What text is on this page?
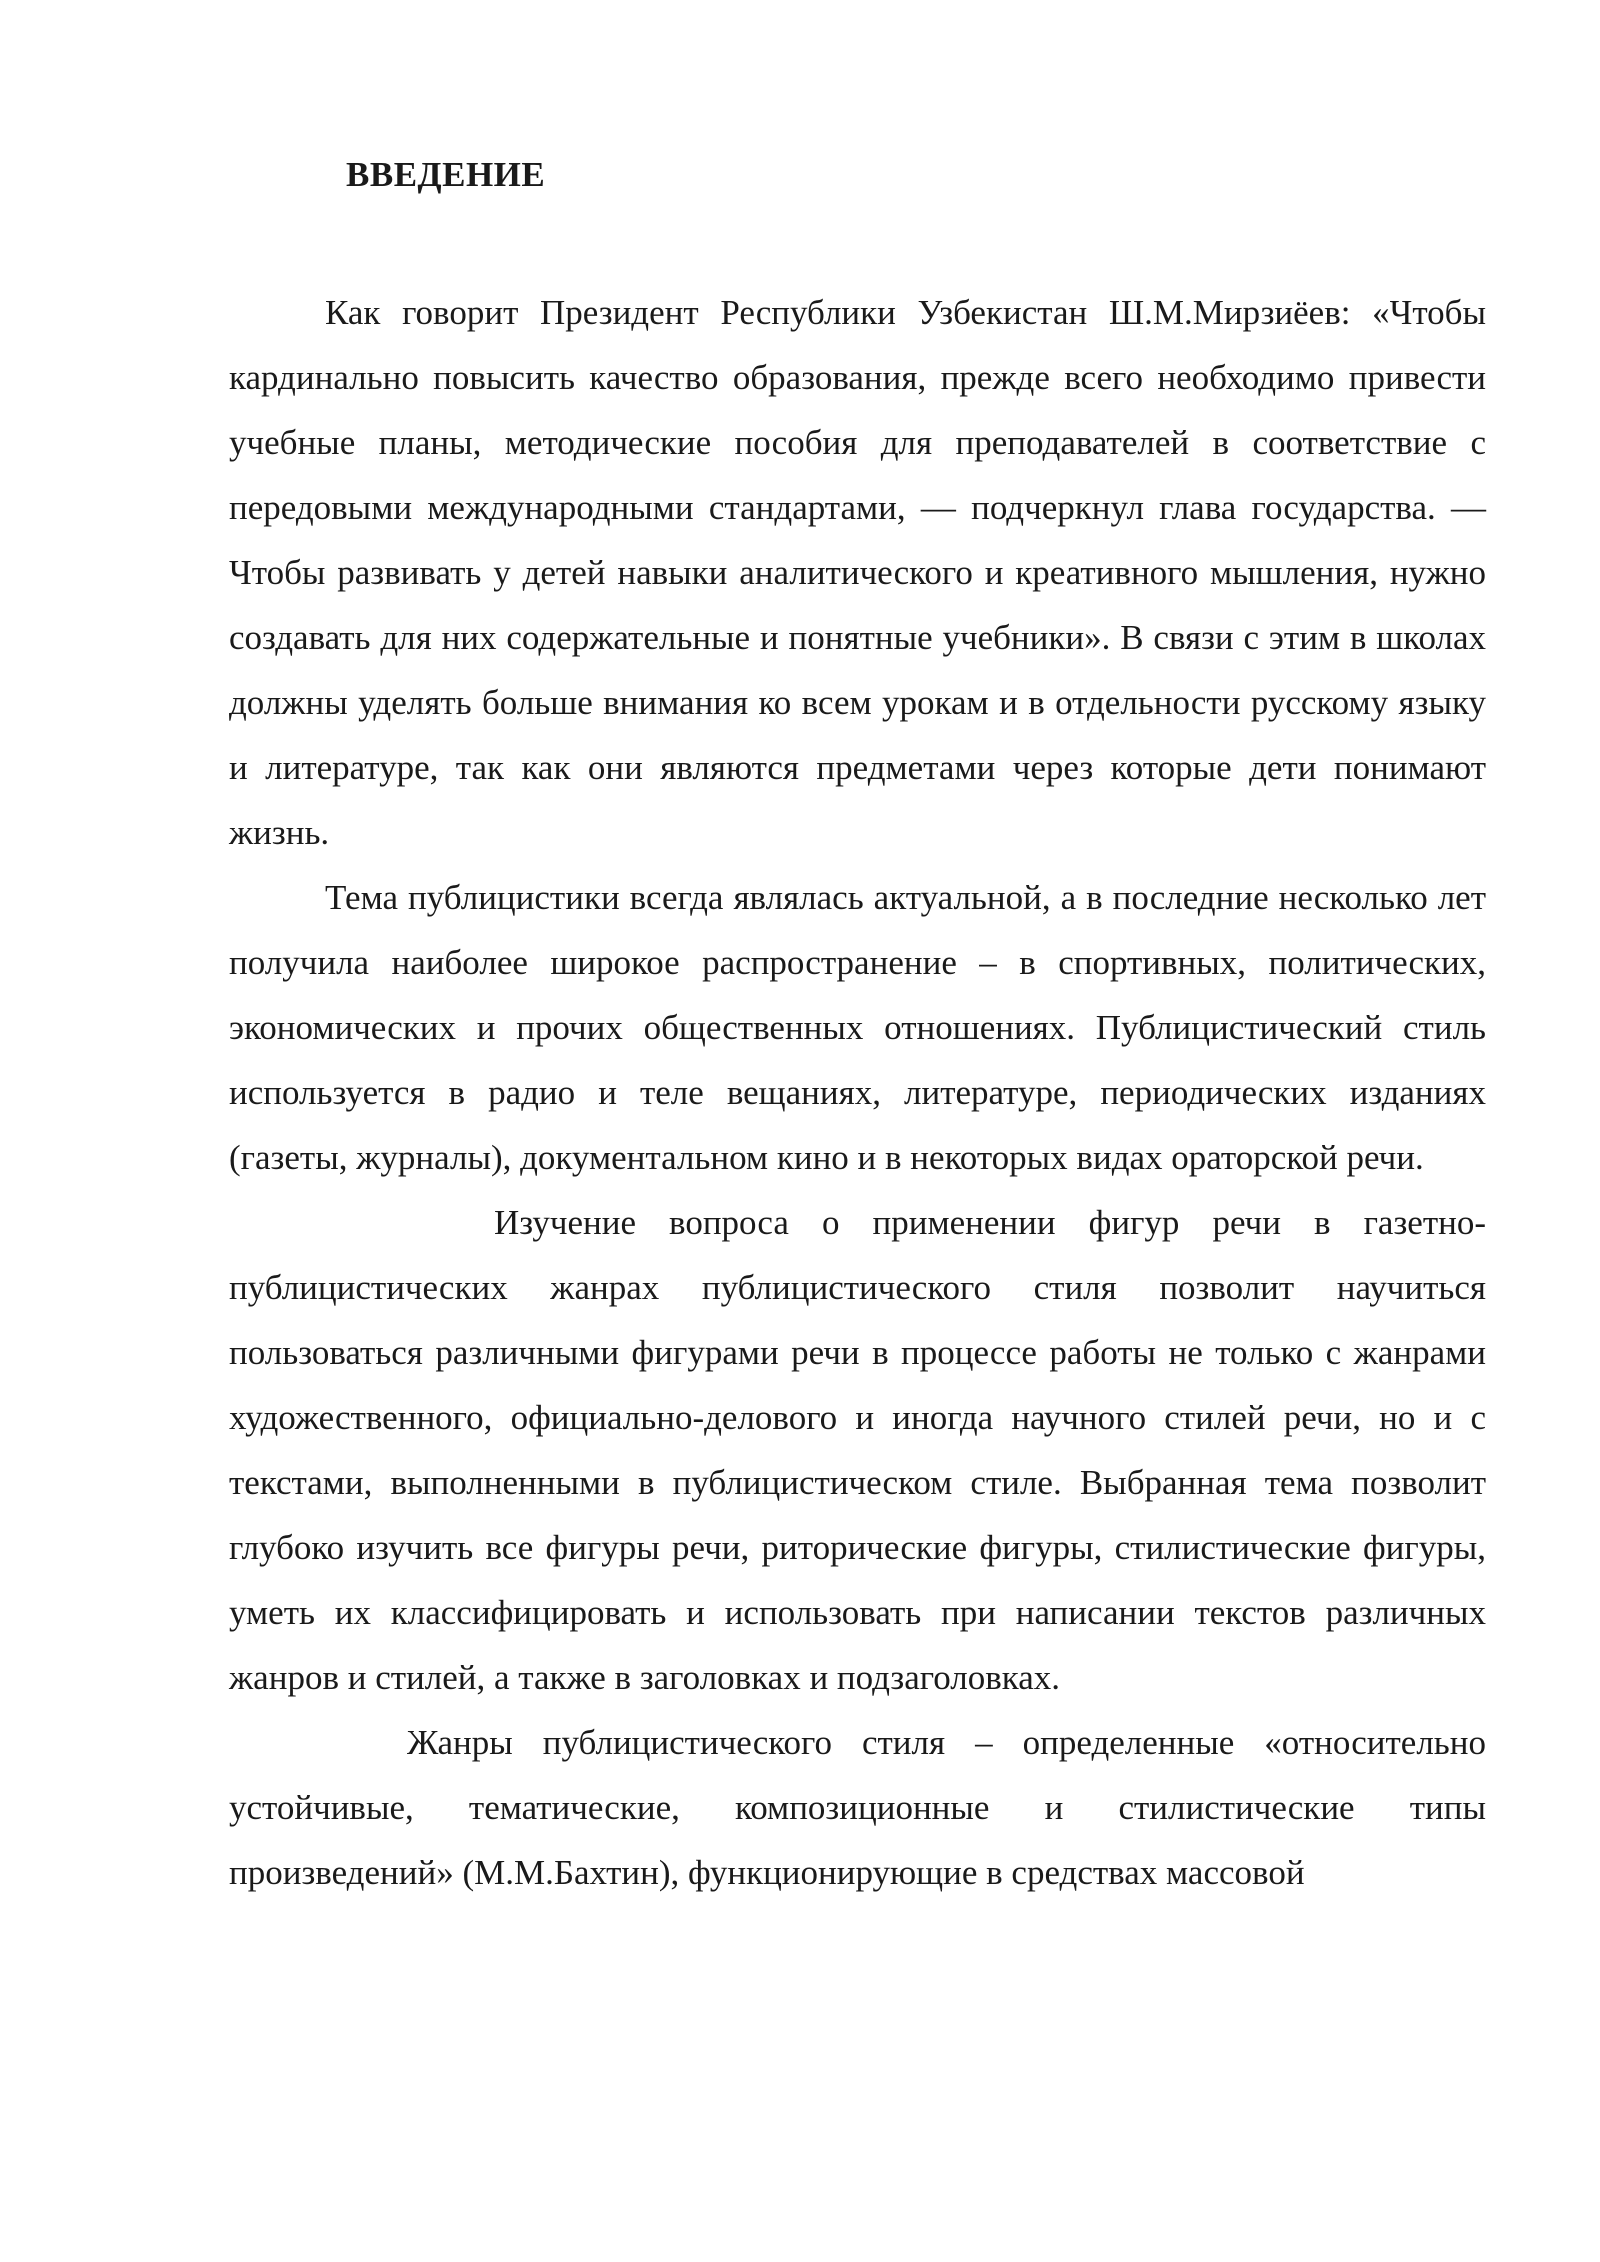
ВВЕДЕНИЕ

Как говорит Президент Республики Узбекистан Ш.М.Мирзиёев: «Чтобы кардинально повысить качество образования, прежде всего необходимо привести учебные планы, методические пособия для преподавателей в соответствие с передовыми международными стандартами, — подчеркнул глава государства. — Чтобы развивать у детей навыки аналитического и креативного мышления, нужно создавать для них содержательные и понятные учебники». В связи с этим в школах должны уделять больше внимания ко всем урокам и в отдельности русскому языку и литературе, так как они являются предметами через которые дети понимают жизнь.

Тема публицистики всегда являлась актуальной, а в последние несколько лет получила наиболее широкое распространение – в спортивных, политических, экономических и прочих общественных отношениях. Публицистический стиль используется в радио и теле вещаниях, литературе, периодических изданиях (газеты, журналы), документальном кино и в некоторых видах ораторской речи.

Изучение вопроса о применении фигур речи в газетно-публицистических жанрах публицистического стиля позволит научиться пользоваться различными фигурами речи в процессе работы не только с жанрами художественного, официально-делового и иногда научного стилей речи, но и с текстами, выполненными в публицистическом стиле. Выбранная тема позволит глубоко изучить все фигуры речи, риторические фигуры, стилистические фигуры, уметь их классифицировать и использовать при написании текстов различных жанров и стилей, а также в заголовках и подзаголовках.

Жанры публицистического стиля – определенные «относительно устойчивые, тематические, композиционные и стилистические типы произведений» (М.М.Бахтин), функционирующие в средствах массовой
